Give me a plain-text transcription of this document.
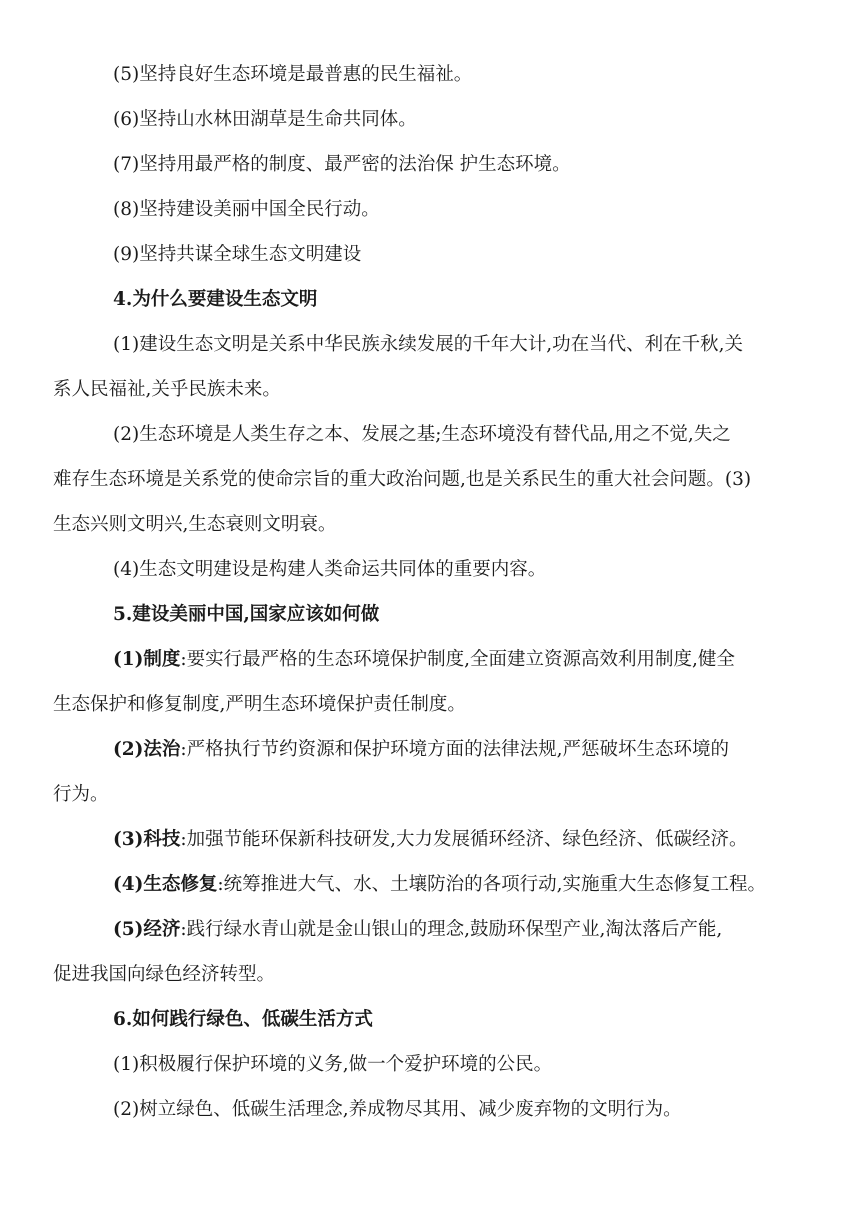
(5)坚持良好生态环境是最普惠的民生福祉。
(6)坚持山水林田湖草是生命共同体。
(7)坚持用最严格的制度、最严密的法治保 护生态环境。
(8)坚持建设美丽中国全民行动。
(9)坚持共谋全球生态文明建设
4.为什么要建设生态文明
(1)建设生态文明是关系中华民族永续发展的千年大计,功在当代、利在千秋,关
系人民福祉,关乎民族未来。
(2)生态环境是人类生存之本、发展之基;生态环境没有替代品,用之不觉,失之
难存生态环境是关系党的使命宗旨的重大政治问题,也是关系民生的重大社会问题。(3)
生态兴则文明兴,生态衰则文明衰。
(4)生态文明建设是构建人类命运共同体的重要内容。
5.建设美丽中国,国家应该如何做
(1)制度:要实行最严格的生态环境保护制度,全面建立资源高效利用制度,健全
生态保护和修复制度,严明生态环境保护责任制度。
(2)法治:严格执行节约资源和保护环境方面的法律法规,严惩破坏生态环境的
行为。
(3)科技:加强节能环保新科技研发,大力发展循环经济、绿色经济、低碳经济。
(4)生态修复:统筹推进大气、水、土壤防治的各项行动,实施重大生态修复工程。
(5)经济:践行绿水青山就是金山银山的理念,鼓励环保型产业,淘汰落后产能,
促进我国向绿色经济转型。
6.如何践行绿色、低碳生活方式
(1)积极履行保护环境的义务,做一个爱护环境的公民。
(2)树立绿色、低碳生活理念,养成物尽其用、减少废弃物的文明行为。
